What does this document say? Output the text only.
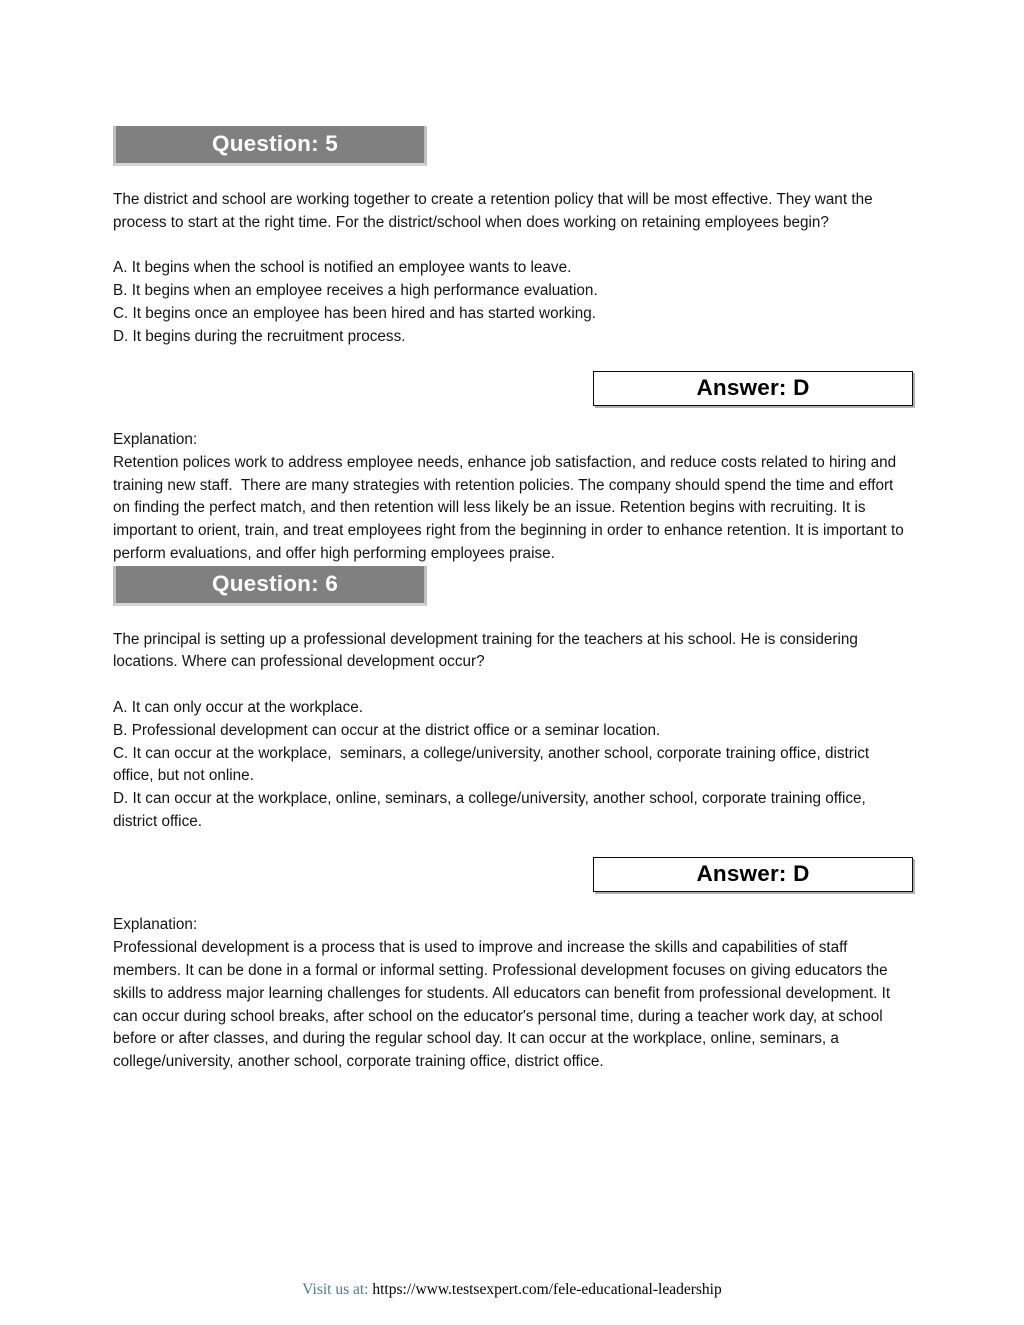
Question: 5
The district and school are working together to create a retention policy that will be most effective. They want the process to start at the right time. For the district/school when does working on retaining employees begin?
A. It begins when the school is notified an employee wants to leave.
B. It begins when an employee receives a high performance evaluation.
C. It begins once an employee has been hired and has started working.
D. It begins during the recruitment process.
Answer: D
Explanation:
Retention polices work to address employee needs, enhance job satisfaction, and reduce costs related to hiring and training new staff.  There are many strategies with retention policies. The company should spend the time and effort on finding the perfect match, and then retention will less likely be an issue. Retention begins with recruiting. It is important to orient, train, and treat employees right from the beginning in order to enhance retention. It is important to perform evaluations, and offer high performing employees praise.
Question: 6
The principal is setting up a professional development training for the teachers at his school. He is considering locations. Where can professional development occur?
A. It can only occur at the workplace.
B. Professional development can occur at the district office or a seminar location.
C. It can occur at the workplace,  seminars, a college/university, another school, corporate training office, district office, but not online.
D. It can occur at the workplace, online, seminars, a college/university, another school, corporate training office, district office.
Answer: D
Explanation:
Professional development is a process that is used to improve and increase the skills and capabilities of staff members. It can be done in a formal or informal setting. Professional development focuses on giving educators the skills to address major learning challenges for students. All educators can benefit from professional development. It can occur during school breaks, after school on the educator's personal time, during a teacher work day, at school before or after classes, and during the regular school day. It can occur at the workplace, online, seminars, a college/university, another school, corporate training office, district office.
Visit us at: https://www.testsexpert.com/fele-educational-leadership
